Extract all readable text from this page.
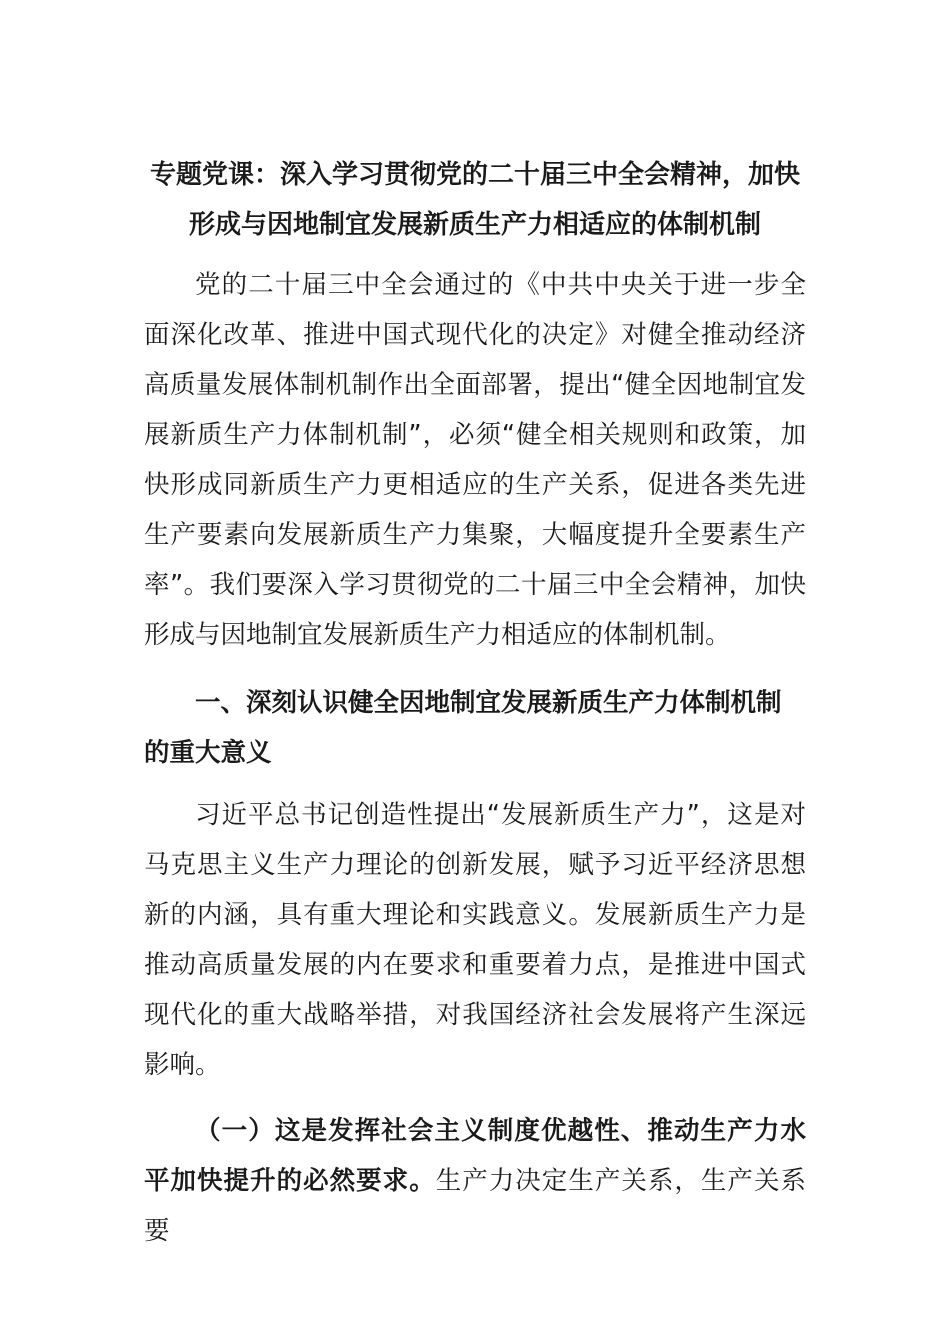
专题党课：深入学习贯彻党的二十届三中全会精神，加快
形成与因地制宜发展新质生产力相适应的体制机制

党的二十届三中全会通过的《中共中央关于进一步全面深化改革、推进中国式现代化的决定》对健全推动经济高质量发展体制机制作出全面部署，提出“健全因地制宜发展新质生产力体制机制”，必须“健全相关规则和政策，加快形成同新质生产力更相适应的生产关系，促进各类先进生产要素向发展新质生产力集聚，大幅度提升全要素生产率”。我们要深入学习贯彻党的二十届三中全会精神，加快形成与因地制宜发展新质生产力相适应的体制机制。

一、深刻认识健全因地制宜发展新质生产力体制机制的重大意义

习近平总书记创造性提出“发展新质生产力”，这是对马克思主义生产力理论的创新发展，赋予习近平经济思想新的内涵，具有重大理论和实践意义。发展新质生产力是推动高质量发展的内在要求和重要着力点，是推进中国式现代化的重大战略举措，对我国经济社会发展将产生深远影响。

（一）这是发挥社会主义制度优越性、推动生产力水平加快提升的必然要求。生产力决定生产关系，生产关系要
